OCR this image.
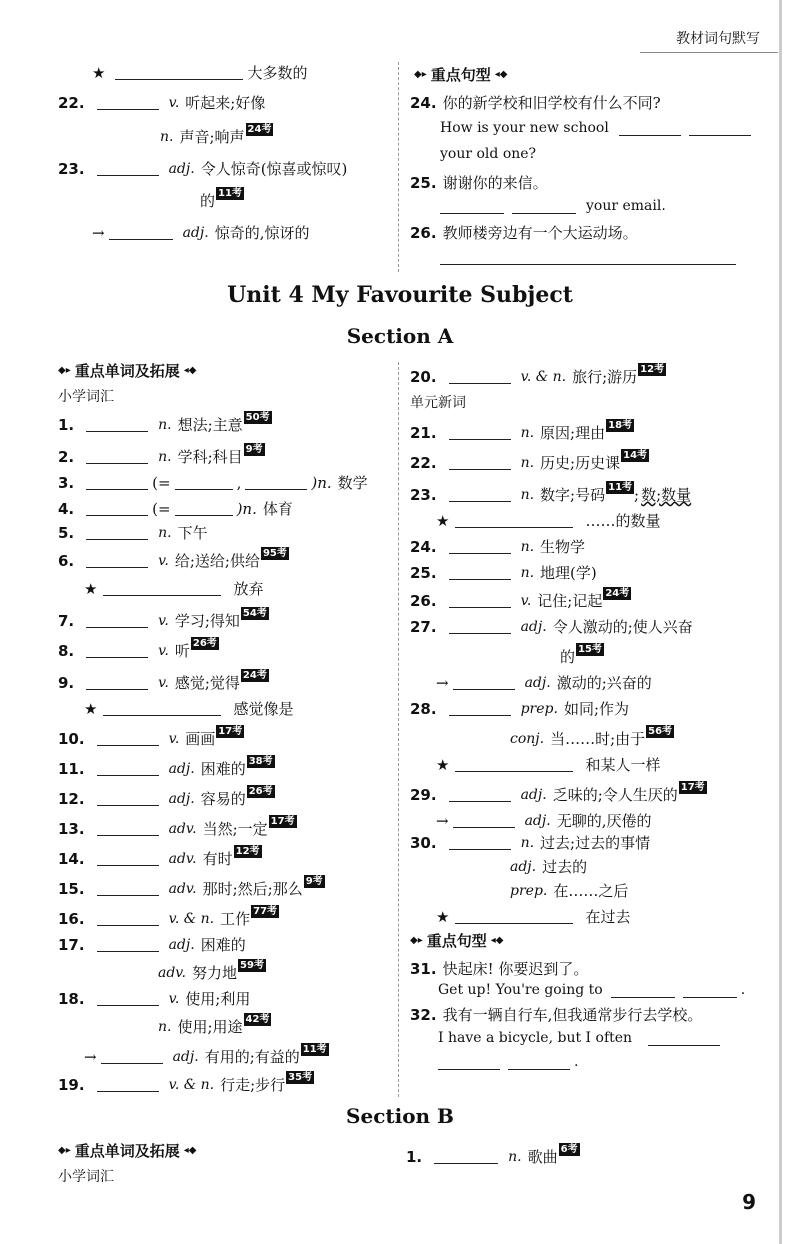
教材词句默写
★	大多数的
22.	v. 听起来;好像
n. 声音;响声 24考
23.	adj. 令人惊奇(惊喜或惊叹)
的 11考
→	adj. 惊奇的,惊讶的
◆▸ 重点句型 ◂◆
24. 你的新学校和旧学校有什么不同?
How is your new school
your old one?
25. 谢谢你的来信。
your email.
26. 教师楼旁边有一个大运动场。
Unit 4 My Favourite Subject
Section A
◆▸ 重点单词及拓展 ◂◆
小学词汇
1.	n. 想法;主意 50考
2.	n. 学科;科目 9考
3.	(=	,	)n. 数学
4.	(=	)n. 体育
5.	n. 下午
6.	v. 给;送给;供给 95考
★	放弃
7.	v. 学习;得知 54考
8.	v. 听 26考
9.	v. 感觉;觉得 24考
★	感觉像是
10.	v. 画画 17考
11.	adj. 困难的 38考
12.	adj. 容易的 26考
13.	adv. 当然;一定 17考
14.	adv. 有时 12考
15.	adv. 那时;然后;那么 9考
16.	v. & n. 工作 77考
17.	adj. 困难的
adv. 努力地 59考
18.	v. 使用;利用
n. 使用;用途 42考
→	adj. 有用的;有益的 11考
19.	v. & n. 行走;步行 35考
单元新词
20.	v. & n. 旅行;游历 12考
21.	n. 原因;理由 18考
22.	n. 历史;历史课 14考
23.	n. 数字;号码 11考 ; 数;数量
★	……的数量
24.	n. 生物学
25.	n. 地理(学)
26.	v. 记住;记起 24考
27.	adj. 令人激动的;使人兴奋
的 15考
→	adj. 激动的;兴奋的
28.	prep. 如同;作为
conj. 当……时;由于 56考
★	和某人一样
29.	adj. 乏味的;令人生厌的 17考
→	adj. 无聊的,厌倦的
30.	n. 过去;过去的事情
adj. 过去的
prep. 在……之后
★	在过去
◆▸ 重点句型 ◂◆
31. 快起床! 你要迟到了。
Get up! You're going to	.
32. 我有一辆自行车,但我通常步行去学校。
I have a bicycle, but I often
.
Section B
◆▸ 重点单词及拓展 ◂◆
小学词汇
1.	n. 歌曲 6考
9
